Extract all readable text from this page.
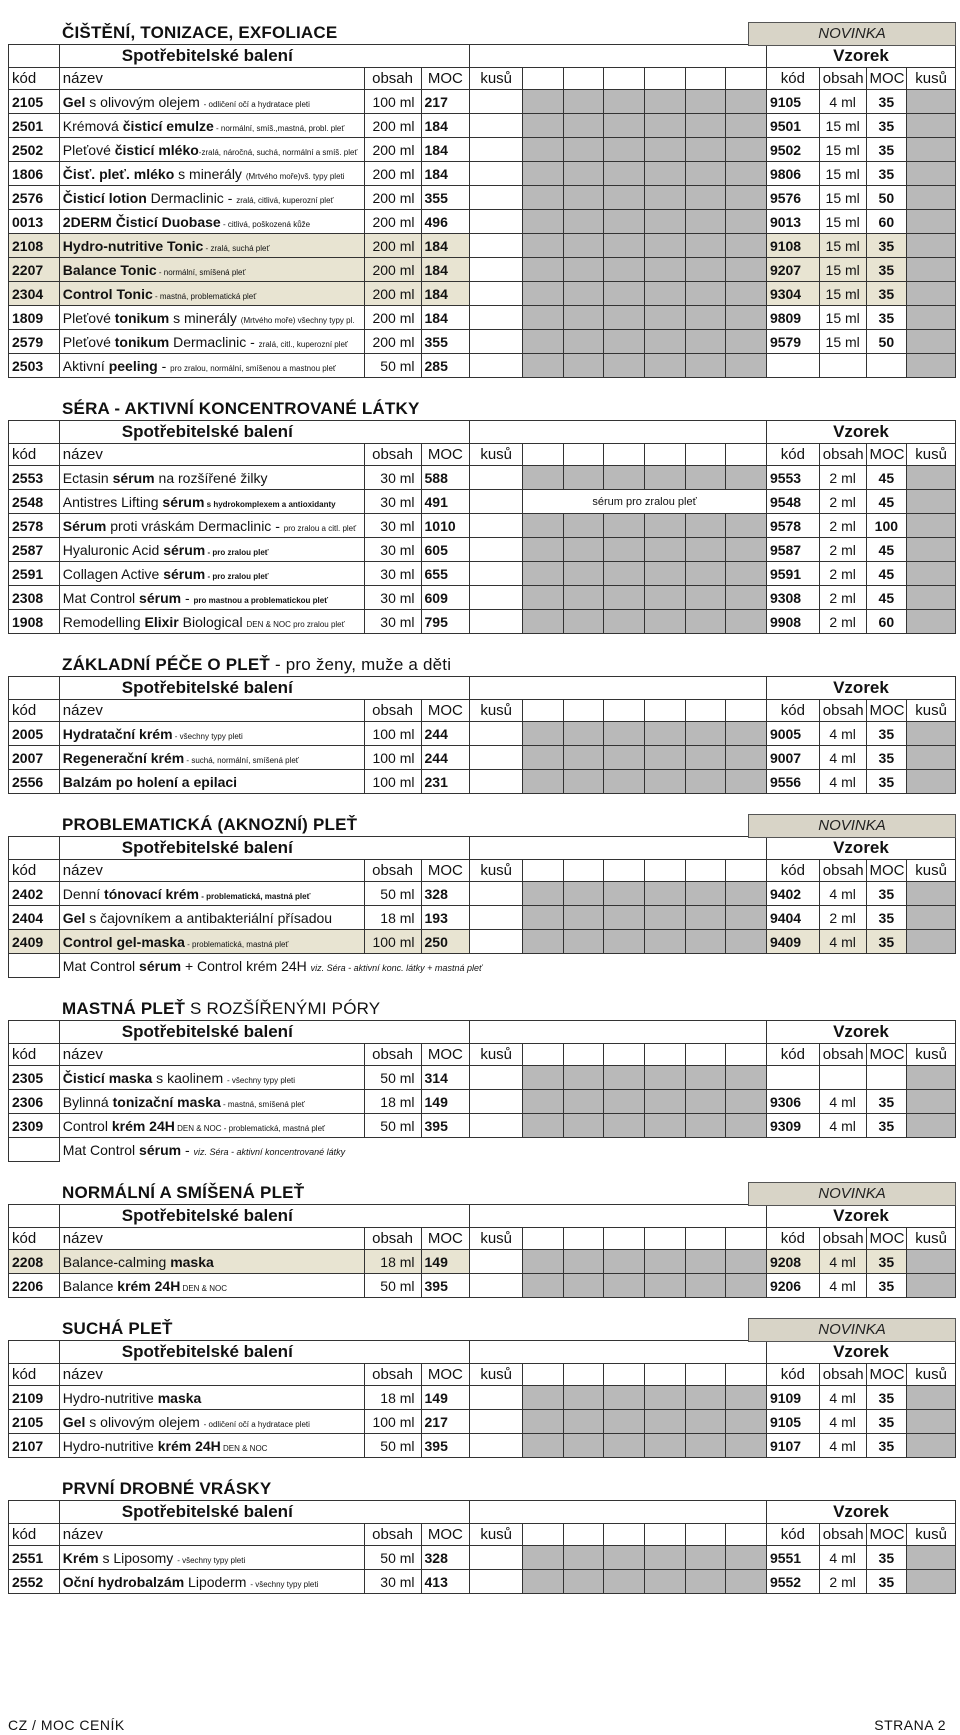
ČIŠTĚNÍ, TONIZACE, EXFOLIACE	NOVINKA
	Spotřebitelské balení										Vzorek			
kód	název	obsah	MOC	kusů							kód	obsah	MOC	kusů
2105	Gel s olivovým olejem - odličení očí a hydratace pleti	100 ml	217								9105	4 ml	35	
2501	Krémová čisticí emulze - normální, smíš.,mastná, probl. pleť	200 ml	184								9501	15 ml	35	
2502	Pleťové čisticí mléko-zralá, náročná, suchá, normální a smíš. pleť	200 ml	184								9502	15 ml	35	
1806	Čisť. pleť. mléko s minerály (Mrtvého moře)vš. typy pleti	200 ml	184								9806	15 ml	35	
2576	Čisticí lotion Dermaclinic - zralá, citlivá, kuperozní pleť	200 ml	355								9576	15 ml	50	
0013	2DERM Čisticí Duobase - citlivá, poškozená kůže	200 ml	496								9013	15 ml	60	
2108	Hydro-nutritive Tonic - zralá, suchá pleť	200 ml	184								9108	15 ml	35	
2207	Balance Tonic - normální, smíšená pleť	200 ml	184								9207	15 ml	35	
2304	Control Tonic - mastná, problematická pleť	200 ml	184								9304	15 ml	35	
1809	Pleťové tonikum s minerály (Mrtvého moře) všechny typy pl.	200 ml	184								9809	15 ml	35	
2579	Pleťové tonikum Dermaclinic - zralá, citl., kuperozní pleť	200 ml	355								9579	15 ml	50	
2503	Aktivní peeling - pro zralou, normální, smíšenou a mastnou pleť	50 ml	285											
SÉRA - AKTIVNÍ KONCENTROVANÉ LÁTKY
	Spotřebitelské balení										Vzorek			
kód	název	obsah	MOC	kusů							kód	obsah	MOC	kusů
2553	Ectasin sérum na rozšířené žilky	30 ml	588								9553	2 ml	45	
2548	Antistres Lifting sérum s hydrokomplexem a antioxidanty	30 ml	491		sérum pro zralou pleť						9548	2 ml	45	
2578	Sérum proti vráskám Dermaclinic - pro zralou a citl. pleť	30 ml	1010								9578	2 ml	100	
2587	Hyaluronic Acid sérum - pro zralou pleť	30 ml	605								9587	2 ml	45	
2591	Collagen Active sérum - pro zralou pleť	30 ml	655								9591	2 ml	45	
2308	Mat Control sérum - pro mastnou a problematickou pleť	30 ml	609								9308	2 ml	45	
1908	Remodelling Elixir Biological DEN & NOC pro zralou pleť	30 ml	795								9908	2 ml	60	
ZÁKLADNÍ PÉČE O PLEŤ - pro ženy, muže a děti
	Spotřebitelské balení										Vzorek			
kód	název	obsah	MOC	kusů							kód	obsah	MOC	kusů
2005	Hydratační krém - všechny typy pleti	100 ml	244								9005	4 ml	35	
2007	Regenerační krém - suchá, normální, smíšená pleť	100 ml	244								9007	4 ml	35	
2556	Balzám po holení a epilaci	100 ml	231								9556	4 ml	35	
PROBLEMATICKÁ (AKNOZNÍ) PLEŤ	NOVINKA
	Spotřebitelské balení										Vzorek			
kód	název	obsah	MOC	kusů							kód	obsah	MOC	kusů
2402	Denní tónovací krém - problematická, mastná pleť	50 ml	328								9402	4 ml	35	
2404	Gel s čajovníkem a antibakteriální přísadou	18 ml	193								9404	2 ml	35	
2409	Control gel-maska - problematická, mastná pleť	100 ml	250								9409	4 ml	35	
	Mat Control sérum + Control krém 24H viz. Séra - aktivní konc. látky + mastná pleť													
MASTNÁ PLEŤ S ROZŠÍŘENÝMI PÓRY
	Spotřebitelské balení										Vzorek			
kód	název	obsah	MOC	kusů							kód	obsah	MOC	kusů
2305	Čisticí maska s kaolinem - všechny typy pleti	50 ml	314											
2306	Bylinná tonizační maska - mastná, smíšená pleť	18 ml	149								9306	4 ml	35	
2309	Control krém 24H DEN & NOC - problematická, mastná pleť	50 ml	395								9309	4 ml	35	
	Mat Control sérum - viz. Séra - aktivní koncentrované látky													
NORMÁLNÍ A SMÍŠENÁ PLEŤ	NOVINKA
	Spotřebitelské balení										Vzorek			
kód	název	obsah	MOC	kusů							kód	obsah	MOC	kusů
2208	Balance-calming maska	18 ml	149								9208	4 ml	35	
2206	Balance krém 24H DEN & NOC	50 ml	395								9206	4 ml	35	
SUCHÁ PLEŤ	NOVINKA
	Spotřebitelské balení										Vzorek			
kód	název	obsah	MOC	kusů							kód	obsah	MOC	kusů
2109	Hydro-nutritive maska	18 ml	149								9109	4 ml	35	
2105	Gel s olivovým olejem - odličení očí a hydratace pleti	100 ml	217								9105	4 ml	35	
2107	Hydro-nutritive krém 24H DEN & NOC	50 ml	395								9107	4 ml	35	
PRVNÍ DROBNÉ VRÁSKY
	Spotřebitelské balení										Vzorek			
kód	název	obsah	MOC	kusů							kód	obsah	MOC	kusů
2551	Krém s Liposomy - všechny typy pleti	50 ml	328								9551	4 ml	35	
2552	Oční hydrobalzám Lipoderm - všechny typy pleti	30 ml	413								9552	2 ml	35	
CZ / MOC CENÍK	STRANA 2
